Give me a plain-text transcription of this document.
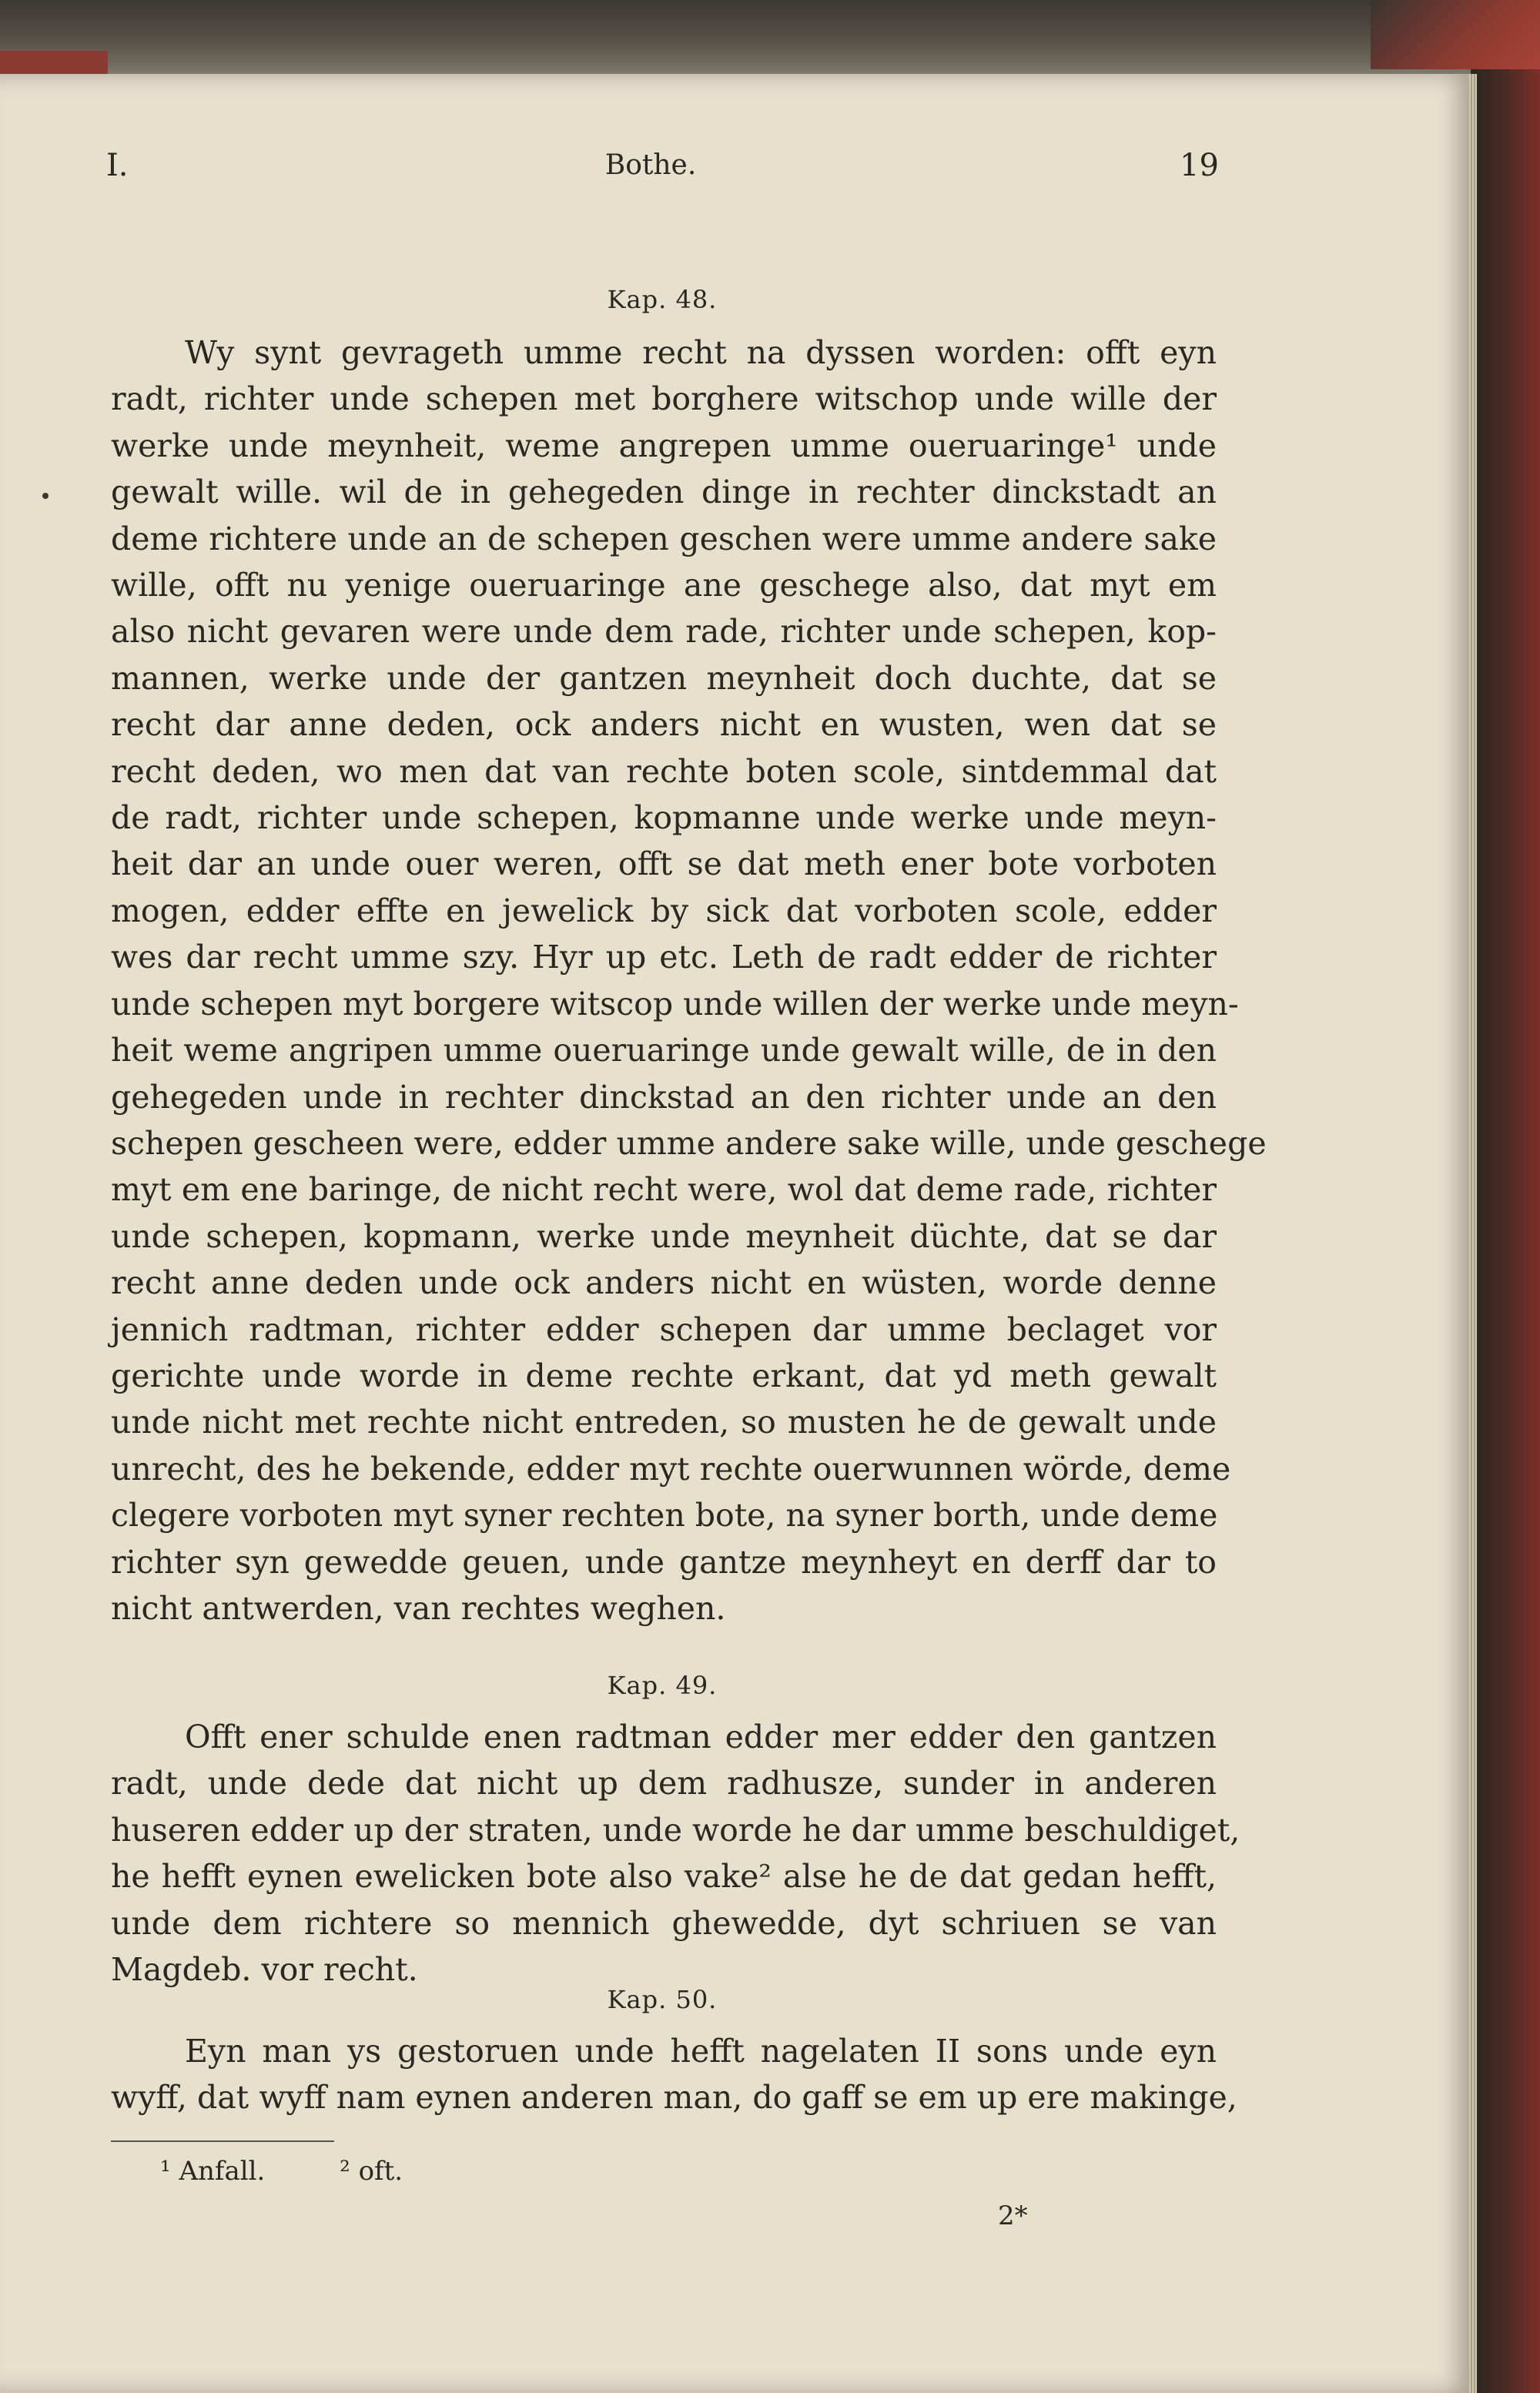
I.	Bothe.	19
Kap. 48.
Wy synt gevrageth umme recht na dyssen worden: offt eyn
radt, richter unde schepen met borghere witschop unde wille der
werke unde meynheit, weme angrepen umme oueruaringe¹ unde
gewalt wille. wil de in gehegeden dinge in rechter dinckstadt an
deme richtere unde an de schepen geschen were umme andere sake
wille, offt nu yenige oueruaringe ane geschege also, dat myt em
also nicht gevaren were unde dem rade, richter unde schepen, kop-
mannen, werke unde der gantzen meynheit doch duchte, dat se
recht dar anne deden, ock anders nicht en wusten, wen dat se
recht deden, wo men dat van rechte boten scole, sintdemmal dat
de radt, richter unde schepen, kopmanne unde werke unde meyn-
heit dar an unde ouer weren, offt se dat meth ener bote vorboten
mogen, edder effte en jewelick by sick dat vorboten scole, edder
wes dar recht umme szy. Hyr up etc. Leth de radt edder de richter
unde schepen myt borgere witscop unde willen der werke unde meyn-
heit weme angripen umme oueruaringe unde gewalt wille, de in den
gehegeden unde in rechter dinckstad an den richter unde an den
schepen gescheen were, edder umme andere sake wille, unde geschege
myt em ene baringe, de nicht recht were, wol dat deme rade, richter
unde schepen, kopmann, werke unde meynheit düchte, dat se dar
recht anne deden unde ock anders nicht en wüsten, worde denne
jennich radtman, richter edder schepen dar umme beclaget vor
gerichte unde worde in deme rechte erkant, dat yd meth gewalt
unde nicht met rechte nicht entreden, so musten he de gewalt unde
unrecht, des he bekende, edder myt rechte ouerwunnen wörde, deme
clegere vorboten myt syner rechten bote, na syner borth, unde deme
richter syn gewedde geuen, unde gantze meynheyt en derff dar to
nicht antwerden, van rechtes weghen.
Kap. 49.
Offt ener schulde enen radtman edder mer edder den gantzen
radt, unde dede dat nicht up dem radhusze, sunder in anderen
huseren edder up der straten, unde worde he dar umme beschuldiget,
he hefft eynen ewelicken bote also vake² alse he de dat gedan hefft,
unde dem richtere so mennich ghewedde, dyt schriuen se van
Magdeb. vor recht.
Kap. 50.
Eyn man ys gestoruen unde hefft nagelaten II sons unde eyn
wyff, dat wyff nam eynen anderen man, do gaff se em up ere makinge,
¹ Anfall.	² oft.
2*
